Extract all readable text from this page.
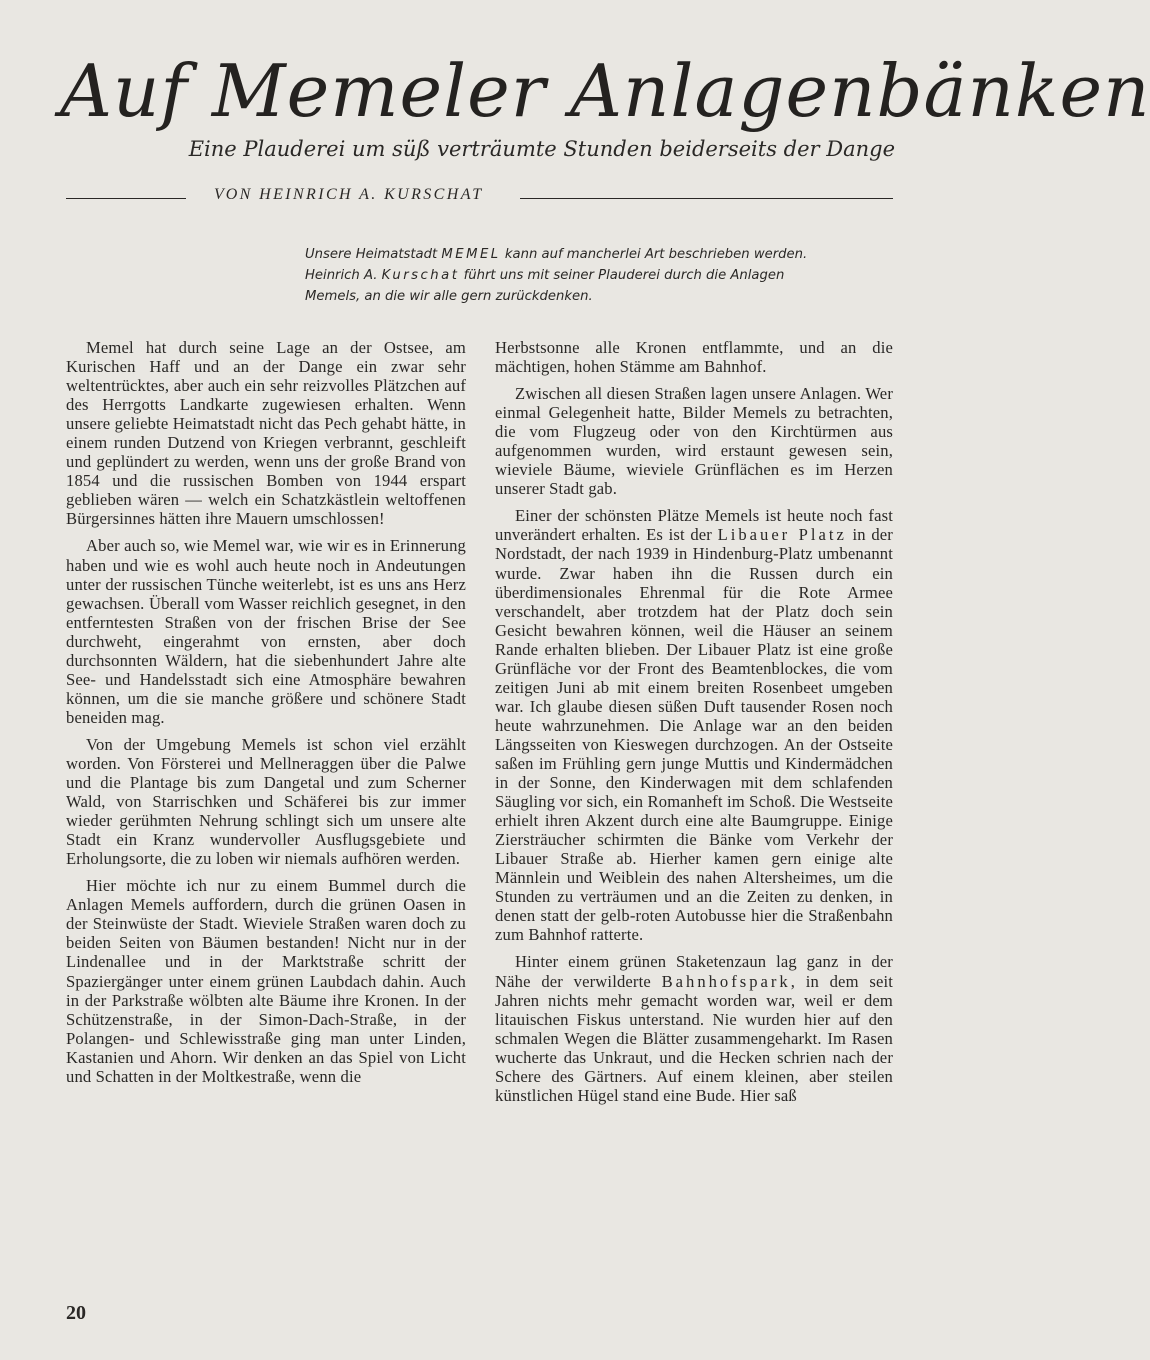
Auf Memeler Anlagenbänken
Eine Plauderei um süß verträumte Stunden beiderseits der Dange
VON HEINRICH A. KURSCHAT

Unsere Heimatstadt MEMEL kann auf mancherlei Art beschrieben werden. Heinrich A. Kurschat führt uns mit seiner Plauderei durch die Anlagen Memels, an die wir alle gern zurückdenken.

Memel hat durch seine Lage an der Ostsee, am Kurischen Haff und an der Dange ein zwar sehr weltentrücktes, aber auch ein sehr reizvolles Plätzchen auf des Herrgotts Landkarte zugewiesen erhalten. Wenn unsere geliebte Heimatstadt nicht das Pech gehabt hätte, in einem runden Dutzend von Kriegen verbrannt, geschleift und geplündert zu werden, wenn uns der große Brand von 1854 und die russischen Bomben von 1944 erspart geblieben wären — welch ein Schatzkästlein weltoffenen Bürgersinnes hätten ihre Mauern umschlossen!

Aber auch so, wie Memel war, wie wir es in Erinnerung haben und wie es wohl auch heute noch in Andeutungen unter der russischen Tünche weiterlebt, ist es uns ans Herz gewachsen. Überall vom Wasser reichlich gesegnet, in den entferntesten Straßen von der frischen Brise der See durchweht, eingerahmt von ernsten, aber doch durchsonnten Wäldern, hat die siebenhundert Jahre alte See- und Handelsstadt sich eine Atmosphäre bewahren können, um die sie manche größere und schönere Stadt beneiden mag.

Von der Umgebung Memels ist schon viel erzählt worden. Von Försterei und Mellneraggen über die Palwe und die Plantage bis zum Dangetal und zum Scherner Wald, von Starrischken und Schäferei bis zur immer wieder gerühmten Nehrung schlingt sich um unsere alte Stadt ein Kranz wundervoller Ausflugsgebiete und Erholungsorte, die zu loben wir niemals aufhören werden.

Hier möchte ich nur zu einem Bummel durch die Anlagen Memels auffordern, durch die grünen Oasen in der Steinwüste der Stadt. Wieviele Straßen waren doch zu beiden Seiten von Bäumen bestanden! Nicht nur in der Lindenallee und in der Marktstraße schritt der Spaziergänger unter einem grünen Laubdach dahin. Auch in der Parkstraße wölbten alte Bäume ihre Kronen. In der Schützenstraße, in der Simon-Dach-Straße, in der Polangen- und Schlewisstraße ging man unter Linden, Kastanien und Ahorn. Wir denken an das Spiel von Licht und Schatten in der Moltkestraße, wenn die

Herbstsonne alle Kronen entflammte, und an die mächtigen, hohen Stämme am Bahnhof.

Zwischen all diesen Straßen lagen unsere Anlagen. Wer einmal Gelegenheit hatte, Bilder Memels zu betrachten, die vom Flugzeug oder von den Kirchtürmen aus aufgenommen wurden, wird erstaunt gewesen sein, wieviele Bäume, wieviele Grünflächen es im Herzen unserer Stadt gab.

Einer der schönsten Plätze Memels ist heute noch fast unverändert erhalten. Es ist der Libauer Platz in der Nordstadt, der nach 1939 in Hindenburg-Platz umbenannt wurde. Zwar haben ihn die Russen durch ein überdimensionales Ehrenmal für die Rote Armee verschandelt, aber trotzdem hat der Platz doch sein Gesicht bewahren können, weil die Häuser an seinem Rande erhalten blieben. Der Libauer Platz ist eine große Grünfläche vor der Front des Beamtenblockes, die vom zeitigen Juni ab mit einem breiten Rosenbeet umgeben war. Ich glaube diesen süßen Duft tausender Rosen noch heute wahrzunehmen. Die Anlage war an den beiden Längsseiten von Kieswegen durchzogen. An der Ostseite saßen im Frühling gern junge Muttis und Kindermädchen in der Sonne, den Kinderwagen mit dem schlafenden Säugling vor sich, ein Romanheft im Schoß. Die Westseite erhielt ihren Akzent durch eine alte Baumgruppe. Einige Ziersträucher schirmten die Bänke vom Verkehr der Libauer Straße ab. Hierher kamen gern einige alte Männlein und Weiblein des nahen Altersheimes, um die Stunden zu verträumen und an die Zeiten zu denken, in denen statt der gelb-roten Autobusse hier die Straßenbahn zum Bahnhof ratterte.

Hinter einem grünen Staketenzaun lag ganz in der Nähe der verwilderte Bahnhofspark, in dem seit Jahren nichts mehr gemacht worden war, weil er dem litauischen Fiskus unterstand. Nie wurden hier auf den schmalen Wegen die Blätter zusammengeharkt. Im Rasen wucherte das Unkraut, und die Hecken schrien nach der Schere des Gärtners. Auf einem kleinen, aber steilen künstlichen Hügel stand eine Bude. Hier saß

20
